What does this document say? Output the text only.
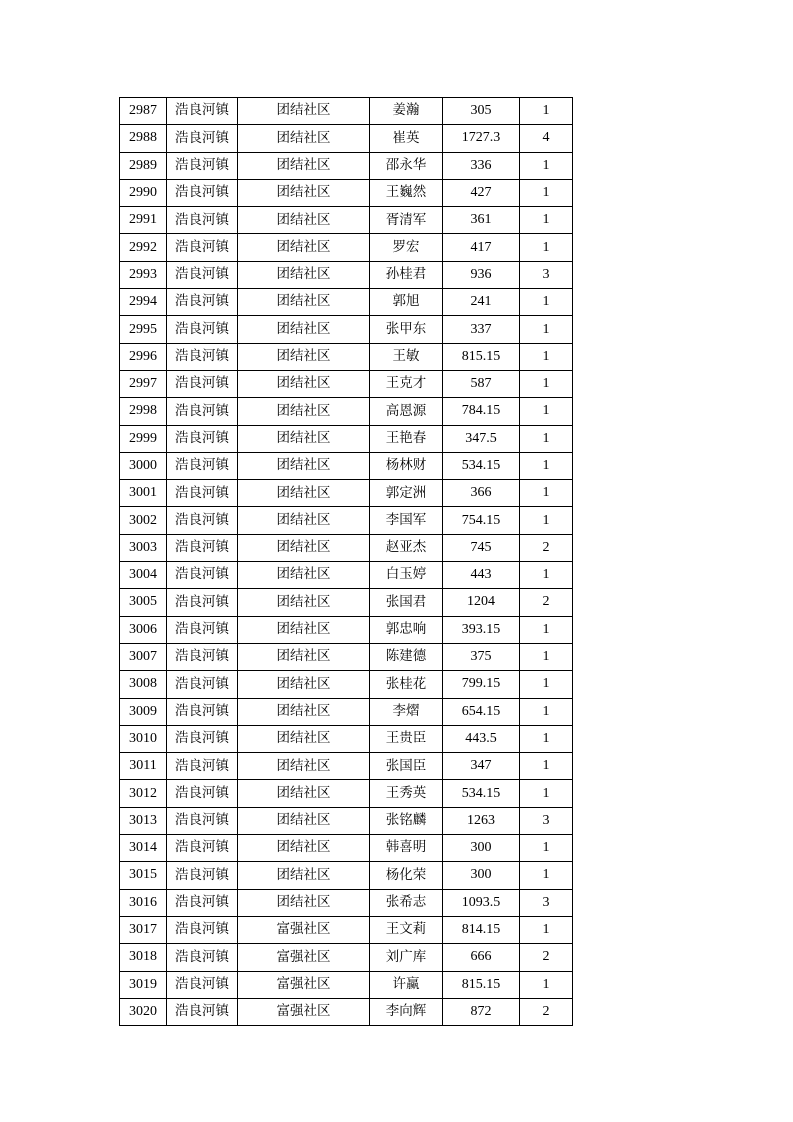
2987	浩良河镇	团结社区	姜瀚	305	1
2988	浩良河镇	团结社区	崔英	1727.3	4
2989	浩良河镇	团结社区	邵永华	336	1
2990	浩良河镇	团结社区	王巍然	427	1
2991	浩良河镇	团结社区	胥清军	361	1
2992	浩良河镇	团结社区	罗宏	417	1
2993	浩良河镇	团结社区	孙桂君	936	3
2994	浩良河镇	团结社区	郭旭	241	1
2995	浩良河镇	团结社区	张甲东	337	1
2996	浩良河镇	团结社区	王敏	815.15	1
2997	浩良河镇	团结社区	王克才	587	1
2998	浩良河镇	团结社区	高恩源	784.15	1
2999	浩良河镇	团结社区	王艳春	347.5	1
3000	浩良河镇	团结社区	杨林财	534.15	1
3001	浩良河镇	团结社区	郭定洲	366	1
3002	浩良河镇	团结社区	李国军	754.15	1
3003	浩良河镇	团结社区	赵亚杰	745	2
3004	浩良河镇	团结社区	白玉婷	443	1
3005	浩良河镇	团结社区	张国君	1204	2
3006	浩良河镇	团结社区	郭忠响	393.15	1
3007	浩良河镇	团结社区	陈建德	375	1
3008	浩良河镇	团结社区	张桂花	799.15	1
3009	浩良河镇	团结社区	李熠	654.15	1
3010	浩良河镇	团结社区	王贵臣	443.5	1
3011	浩良河镇	团结社区	张国臣	347	1
3012	浩良河镇	团结社区	王秀英	534.15	1
3013	浩良河镇	团结社区	张铭麟	1263	3
3014	浩良河镇	团结社区	韩喜明	300	1
3015	浩良河镇	团结社区	杨化荣	300	1
3016	浩良河镇	团结社区	张希志	1093.5	3
3017	浩良河镇	富强社区	王文莉	814.15	1
3018	浩良河镇	富强社区	刘广库	666	2
3019	浩良河镇	富强社区	许赢	815.15	1
3020	浩良河镇	富强社区	李向辉	872	2
